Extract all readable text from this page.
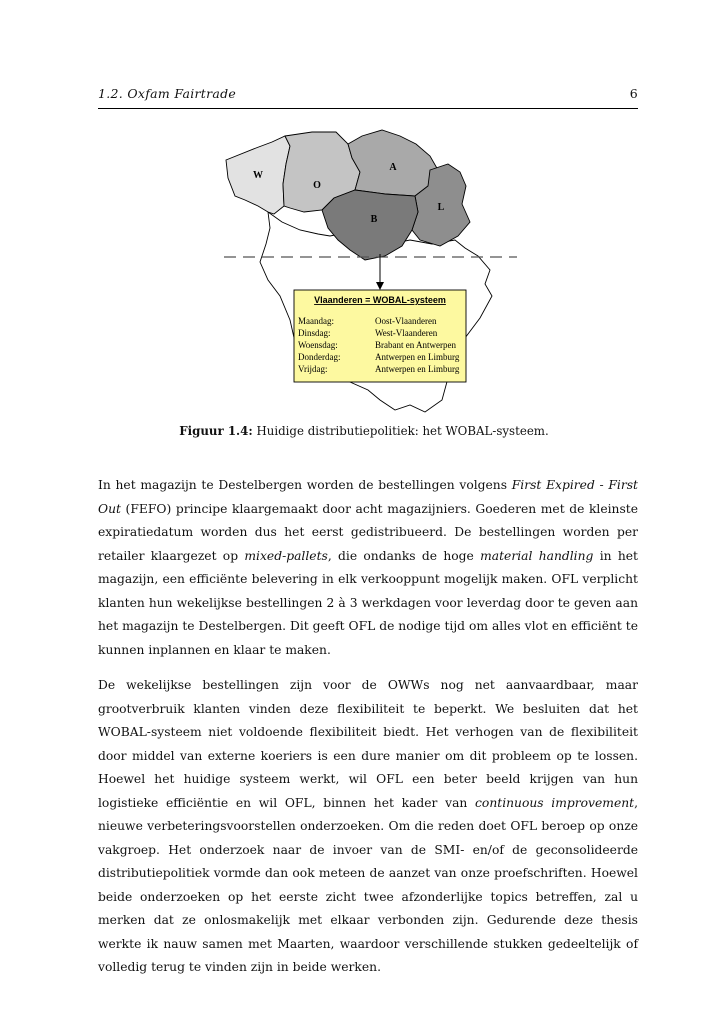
1.2. Oxfam Fairtrade	6
W
O
A
L
B
Vlaanderen = WOBAL-systeem
Maandag:	Oost-Vlaanderen
Dinsdag:	West-Vlaanderen
Woensdag:	Brabant en Antwerpen
Donderdag:	Antwerpen en Limburg
Vrijdag:	Antwerpen en Limburg
Figuur 1.4: Huidige distributiepolitiek: het WOBAL-systeem.

In het magazijn te Destelbergen worden de bestellingen volgens First Expired - First Out (FEFO) principe klaargemaakt door acht magazijniers. Goederen met de kleinste expiratiedatum worden dus het eerst gedistribueerd. De bestellingen worden per retailer klaargezet op mixed-pallets, die ondanks de hoge material handling in het magazijn, een efficiënte belevering in elk verkooppunt mogelijk maken. OFL verplicht klanten hun wekelijkse bestellingen 2 à 3 werkdagen voor leverdag door te geven aan het magazijn te Destelbergen. Dit geeft OFL de nodige tijd om alles vlot en efficiënt te kunnen inplannen en klaar te maken.

De wekelijkse bestellingen zijn voor de OWWs nog net aanvaardbaar, maar grootverbruik klanten vinden deze flexibiliteit te beperkt. We besluiten dat het WOBAL-systeem niet voldoende flexibiliteit biedt. Het verhogen van de flexibiliteit door middel van externe koeriers is een dure manier om dit probleem op te lossen. Hoewel het huidige systeem werkt, wil OFL een beter beeld krijgen van hun logistieke efficiëntie en wil OFL, binnen het kader van continuous improvement, nieuwe verbeteringsvoorstellen onderzoeken. Om die reden doet OFL beroep op onze vakgroep. Het onderzoek naar de invoer van de SMI- en/of de geconsolideerde distributiepolitiek vormde dan ook meteen de aanzet van onze proefschriften. Hoewel beide onderzoeken op het eerste zicht twee afzonderlijke topics betreffen, zal u merken dat ze onlosmakelijk met elkaar verbonden zijn. Gedurende deze thesis werkte ik nauw samen met Maarten, waardoor verschillende stukken gedeeltelijk of volledig terug te vinden zijn in beide werken.
